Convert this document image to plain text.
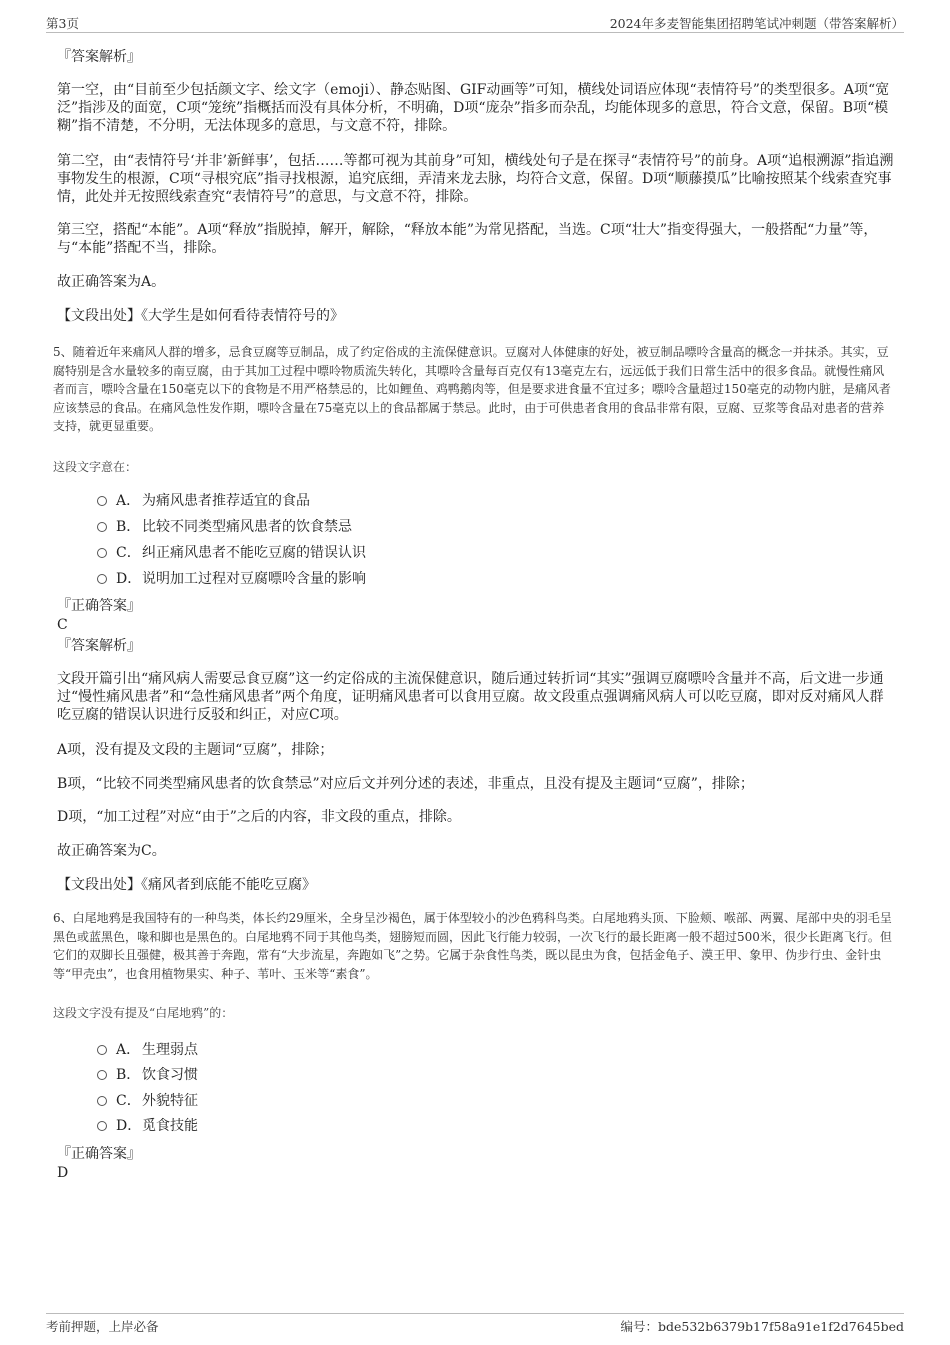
第3页	2024年多麦智能集团招聘笔试冲刺题（带答案解析）
『答案解析』

第一空，由“目前至少包括颜文字、绘文字（emoji）、静态贴图、GIF动画等”可知，横线处词语应体现“表情符号”的类型很多。A项“宽泛”指涉及的面宽，C项“笼统”指概括而没有具体分析，不明确，D项“庞杂”指多而杂乱，均能体现多的意思，符合文意，保留。B项“模糊”指不清楚，不分明，无法体现多的意思，与文意不符，排除。

第二空，由“表情符号‘并非’新鲜事’，包括……等都可视为其前身”可知，横线处句子是在探寻“表情符号”的前身。A项“追根溯源”指追溯事物发生的根源，C项“寻根究底”指寻找根源，追究底细，弄清来龙去脉，均符合文意，保留。D项“顺藤摸瓜”比喻按照某个线索查究事情，此处并无按照线索查究“表情符号”的意思，与文意不符，排除。

第三空，搭配“本能”。A项“释放”指脱掉，解开，解除，“释放本能”为常见搭配，当选。C项“壮大”指变得强大，一般搭配“力量”等，与“本能”搭配不当，排除。

故正确答案为A。

【文段出处】《大学生是如何看待表情符号的》

5、随着近年来痛风人群的增多，忌食豆腐等豆制品，成了约定俗成的主流保健意识。豆腐对人体健康的好处，被豆制品嘌呤含量高的概念一并抹杀。其实，豆腐特别是含水量较多的南豆腐，由于其加工过程中嘌呤物质流失转化，其嘌呤含量每百克仅有13毫克左右，远远低于我们日常生活中的很多食品。就慢性痛风者而言，嘌呤含量在150毫克以下的食物是不用严格禁忌的，比如鲤鱼、鸡鸭鹅肉等，但是要求进食量不宜过多；嘌呤含量超过150毫克的动物内脏，是痛风者应该禁忌的食品。在痛风急性发作期，嘌呤含量在75毫克以上的食品都属于禁忌。此时，由于可供患者食用的食品非常有限，豆腐、豆浆等食品对患者的营养支持，就更显重要。

这段文字意在：
A． 为痛风患者推荐适宜的食品
B． 比较不同类型痛风患者的饮食禁忌
C．纠正痛风患者不能吃豆腐的错误认识
D．说明加工过程对豆腐嘌呤含量的影响
『正确答案』
C
『答案解析』

文段开篇引出“痛风病人需要忌食豆腐”这一约定俗成的主流保健意识，随后通过转折词“其实”强调豆腐嘌呤含量并不高，后文进一步通过“慢性痛风患者”和“急性痛风患者”两个角度，证明痛风患者可以食用豆腐。故文段重点强调痛风病人可以吃豆腐，即对反对痛风人群吃豆腐的错误认识进行反驳和纠正，对应C项。

A项，没有提及文段的主题词“豆腐”，排除；

B项，“比较不同类型痛风患者的饮食禁忌”对应后文并列分述的表述，非重点，且没有提及主题词“豆腐”，排除；

D项，“加工过程”对应“由于”之后的内容，非文段的重点，排除。

故正确答案为C。

【文段出处】《痛风者到底能不能吃豆腐》

6、白尾地鸦是我国特有的一种鸟类，体长约29厘米，全身呈沙褐色，属于体型较小的沙色鸦科鸟类。白尾地鸦头顶、下脸颊、喉部、两翼、尾部中央的羽毛呈黑色或蓝黑色，喙和脚也是黑色的。白尾地鸦不同于其他鸟类，翅膀短而圆，因此飞行能力较弱，一次飞行的最长距离一般不超过500米，很少长距离飞行。但它们的双脚长且强健，极其善于奔跑，常有“大步流星，奔跑如飞”之势。它属于杂食性鸟类，既以昆虫为食，包括金龟子、漠王甲、象甲、伪步行虫、金针虫等“甲壳虫”，也食用植物果实、种子、苇叶、玉米等“素食”。

这段文字没有提及“白尾地鸦”的：
A． 生理弱点
B． 饮食习惯
C．外貌特征
D．觅食技能
『正确答案』
D
考前押题，上岸必备	编号：bde532b6379b17f58a91e1f2d7645bed
